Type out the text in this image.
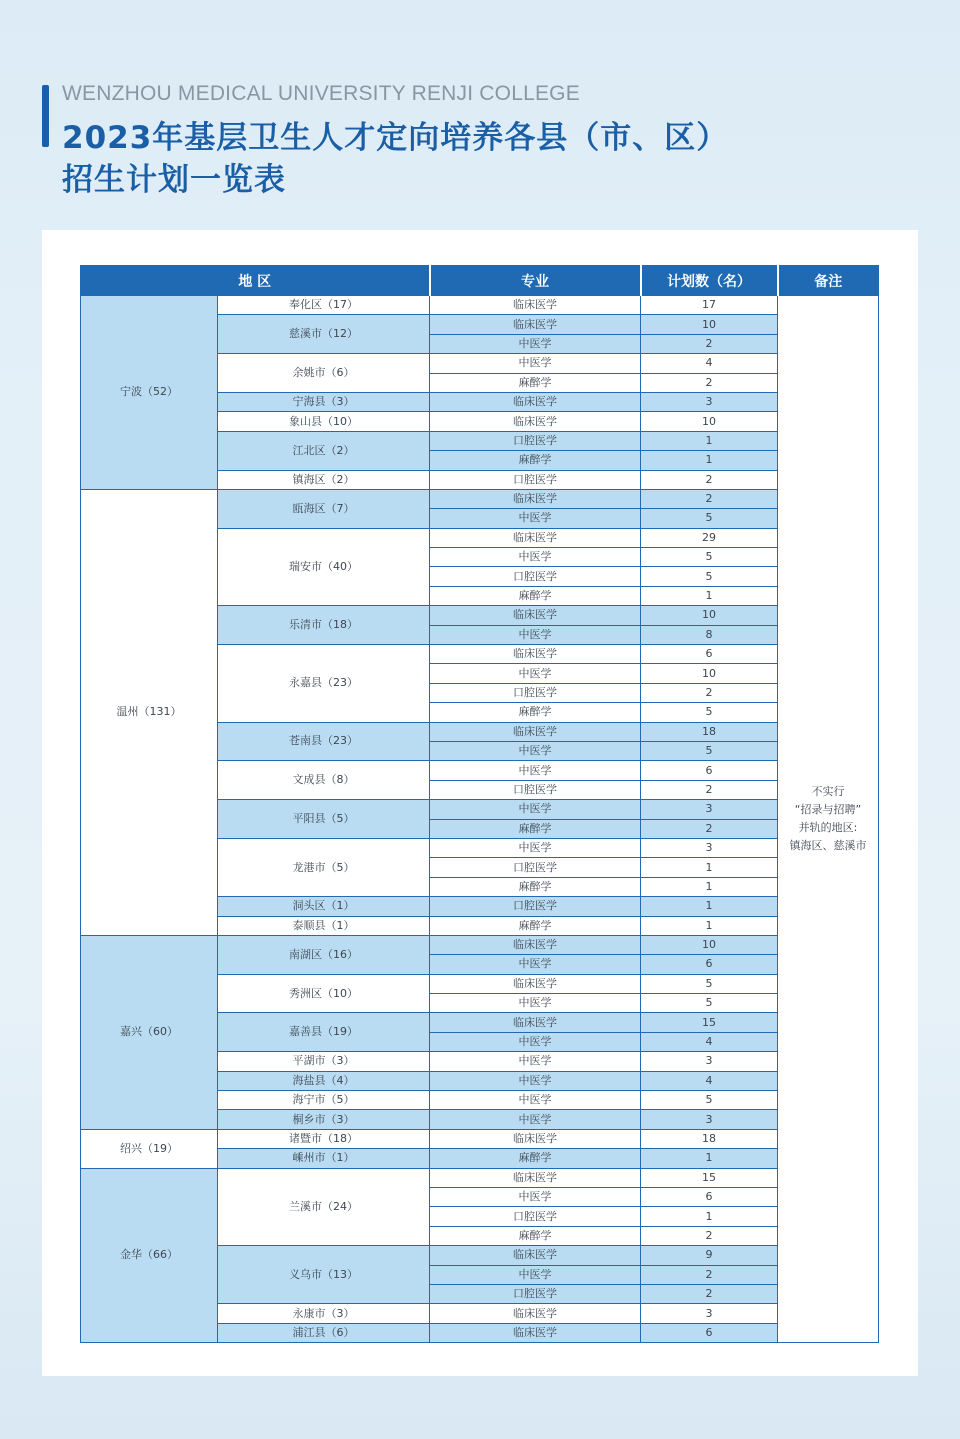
WENZHOU MEDICAL UNIVERSITY RENJI COLLEGE
2023年基层卫生人才定向培养各县（市、区）
招生计划一览表
地 区		专业	计划数（名）	备注
宁波（52）	奉化区（17）	临床医学	17	不实行
“招录与招聘”
并轨的地区:
镇海区、慈溪市

	慈溪市（12）	临床医学	10	
		中医学	2	
	余姚市（6）	中医学	4	
		麻醉学	2	
	宁海县（3）	临床医学	3	
	象山县（10）	临床医学	10	
	江北区（2）	口腔医学	1	
		麻醉学	1	
	镇海区（2）	口腔医学	2	
温州（131）	瓯海区（7）	临床医学	2	
		中医学	5	
	瑞安市（40）	临床医学	29	
		中医学	5	
		口腔医学	5	
		麻醉学	1	
	乐清市（18）	临床医学	10	
		中医学	8	
	永嘉县（23）	临床医学	6	
		中医学	10	
		口腔医学	2	
		麻醉学	5	
	苍南县（23）	临床医学	18	
		中医学	5	
	文成县（8）	中医学	6	
		口腔医学	2	
	平阳县（5）	中医学	3	
		麻醉学	2	
	龙港市（5）	中医学	3	
		口腔医学	1	
		麻醉学	1	
	洞头区（1）	口腔医学	1	
	泰顺县（1）	麻醉学	1	
嘉兴（60）	南湖区（16）	临床医学	10	
		中医学	6	
	秀洲区（10）	临床医学	5	
		中医学	5	
	嘉善县（19）	临床医学	15	
		中医学	4	
	平湖市（3）	中医学	3	
	海盐县（4）	中医学	4	
	海宁市（5）	中医学	5	
	桐乡市（3）	中医学	3	
绍兴（19）	诸暨市（18）	临床医学	18	
	嵊州市（1）	麻醉学	1	
金华（66）	兰溪市（24）	临床医学	15	
		中医学	6	
		口腔医学	1	
		麻醉学	2	
	义乌市（13）	临床医学	9	
		中医学	2	
		口腔医学	2	
	永康市（3）	临床医学	3	
	浦江县（6）	临床医学	6	
